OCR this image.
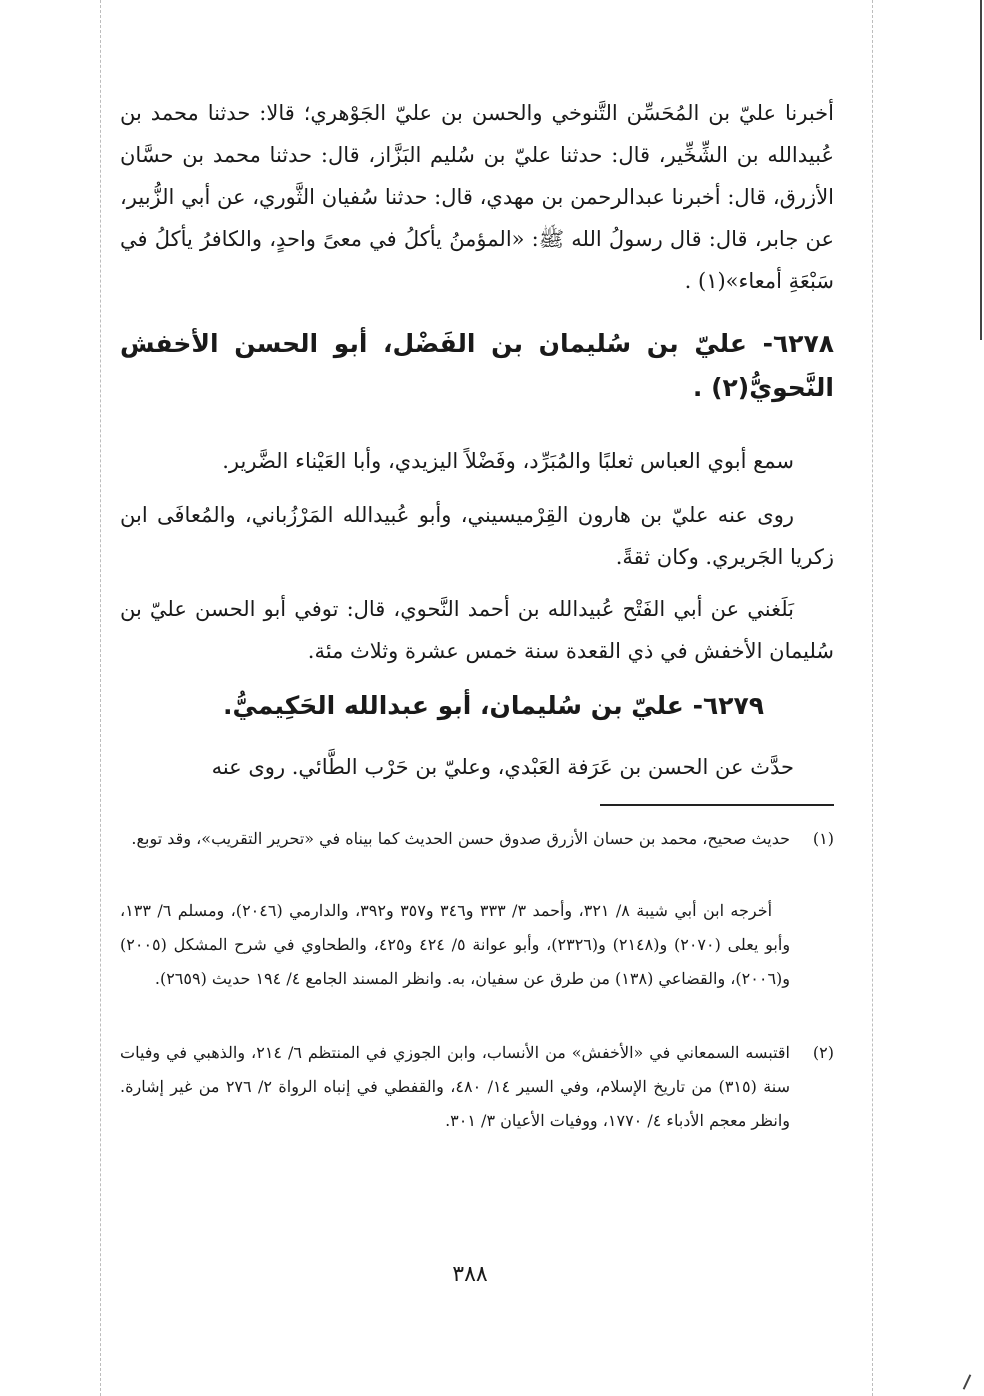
أخبرنا عليّ بن المُحَسِّن التَّنوخي والحسن بن عليّ الجَوْهري؛ قالا: حدثنا محمد بن عُبيدالله بن الشِّخِّير، قال: حدثنا عليّ بن سُليم البَزَّاز، قال: حدثنا محمد بن حسَّان الأزرق، قال: أخبرنا عبدالرحمن بن مهدي، قال: حدثنا سُفيان الثَّوري، عن أبي الزُّبير، عن جابر، قال: قال رسولُ الله ﷺ: «المؤمنُ يأكلُ في معىً واحدٍ، والكافرُ يأكلُ في سَبْعَةِ أمعاء»(١) .
٦٢٧٨- عليّ بن سُليمان بن الفَضْل، أبو الحسن الأخفش النَّحويُّ(٢) .
سمع أبوي العباس ثعلبًا والمُبَرِّد، وفَضْلاً اليزيدي، وأبا العَيْناء الضَّرير.
روى عنه عليّ بن هارون القِرْميسيني، وأبو عُبيدالله المَرْزُباني، والمُعافَى ابن زكريا الجَريري. وكان ثقةً.
بَلَغني عن أبي الفَتْح عُبيدالله بن أحمد النَّحوي، قال: توفي أبو الحسن عليّ بن سُليمان الأخفش في ذي القعدة سنة خمس عشرة وثلاث مئة.
٦٢٧٩- عليّ بن سُليمان، أبو عبدالله الحَكِيميُّ.
حدَّث عن الحسن بن عَرَفة العَبْدي، وعليّ بن حَرْب الطَّائي. روى عنه
(١)
حديث صحيح، محمد بن حسان الأزرق صدوق حسن الحديث كما بيناه في «تحرير التقريب»، وقد توبع.
أخرجه ابن أبي شيبة ٨/ ٣٢١، وأحمد ٣/ ٣٣٣ و٣٤٦ و٣٥٧ و٣٩٢، والدارمي (٢٠٤٦)، ومسلم ٦/ ١٣٣، وأبو يعلى (٢٠٧٠) و(٢١٤٨) و(٢٣٢٦)، وأبو عوانة ٥/ ٤٢٤ و٤٢٥، والطحاوي في شرح المشكل (٢٠٠٥) و(٢٠٠٦)، والقضاعي (١٣٨) من طرق عن سفيان، به. وانظر المسند الجامع ٤/ ١٩٤ حديث (٢٦٥٩).
(٢)
اقتبسه السمعاني في «الأخفش» من الأنساب، وابن الجوزي في المنتظم ٦/ ٢١٤، والذهبي في وفيات سنة (٣١٥) من تاريخ الإسلام، وفي السير ١٤/ ٤٨٠، والقفطي في إنباه الرواة ٢/ ٢٧٦ من غير إشارة. وانظر معجم الأدباء ٤/ ١٧٧٠، ووفيات الأعيان ٣/ ٣٠١.
٣٨٨
